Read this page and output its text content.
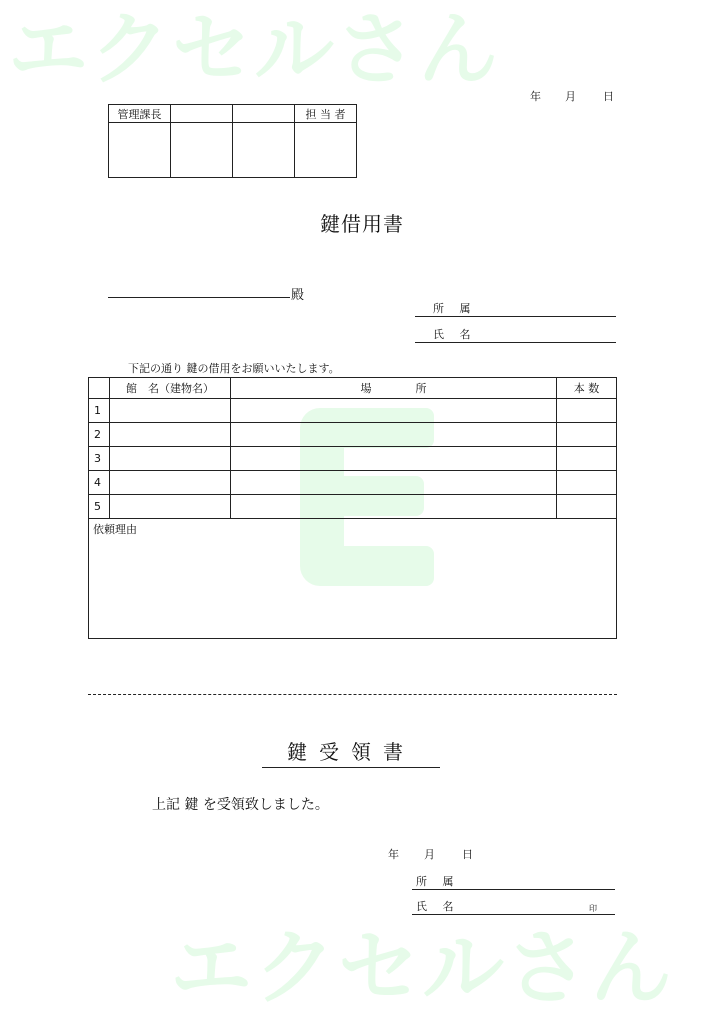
エクセルさん
エクセルさん
年	月	日
管理課長			担 当 者

鍵借用書
殿
所 属
氏 名
下記の通り 鍵の借用をお願いいたします。
	館　名（建物名）	場　　　　所	本 数
1			
2			
3			
4			
5			
依頼理由			
鍵受領書
上記 鍵 を受領致しました。
年	月	日
所 属
氏 名	印
